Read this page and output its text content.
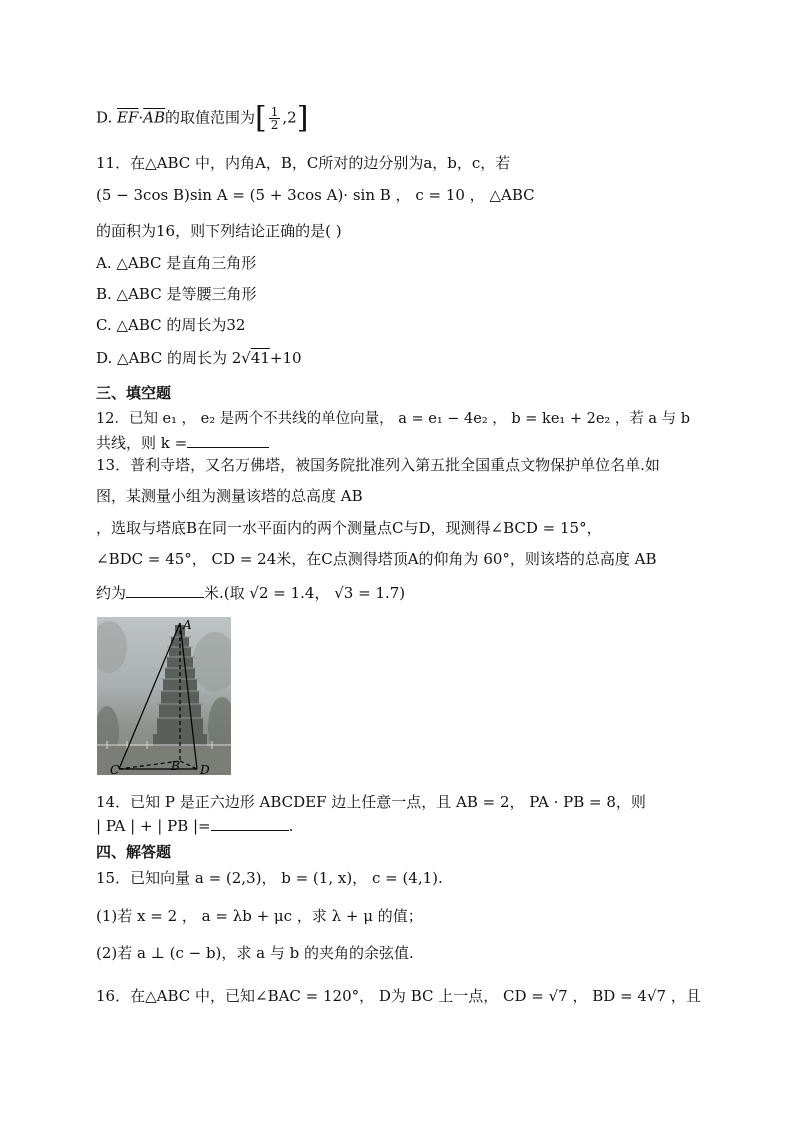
D. $\overline{EF}\cdot\overline{AB}$的取值范围为[ $\frac{1}{2} ,2$]
11．在△ABC 中，内角A，B，C所对的边分别为a，b，c，若
(5 − 3cos B)sin A = (5 + 3cos A)· sin B ， c = 10 ， △ABC
的面积为16，则下列结论正确的是( )
A. △ABC 是直角三角形
B. △ABC 是等腰三角形
C. △ABC 的周长为32
D. △ABC 的周长为 2√41+10
三、填空题
12．已知 e₁ ， e₂ 是两个不共线的单位向量， a = e₁ − 4e₂ ， b = ke₁ + 2e₂ ，若 a 与 b
共线，则 k =
13．普利寺塔，又名万佛塔，被国务院批准列入第五批全国重点文物保护单位名单.如
图，某测量小组为测量该塔的总高度 AB
，选取与塔底B在同一水平面内的两个测量点C与D，现测得∠BCD = 15°，
∠BDC = 45°， CD = 24米，在C点测得塔顶A的仰角为 60°，则该塔的总高度 AB
约为	米.(取 √2 = 1.4， √3 = 1.7)
A
B
C	D
14．已知 P 是正六边形 ABCDEF 边上任意一点，且 AB = 2， PA · PB = 8，则
| PA | + | PB |=	.
四、解答题
15．已知向量 a = (2,3)， b = (1, x)， c = (4,1).
(1)若 x = 2 ， a = λb + μc ，求 λ + μ 的值；
(2)若 a ⊥ (c − b)，求 a 与 b 的夹角的余弦值.
16．在△ABC 中，已知∠BAC = 120°， D为 BC 上一点， CD = √7 ， BD = 4√7 ，且
